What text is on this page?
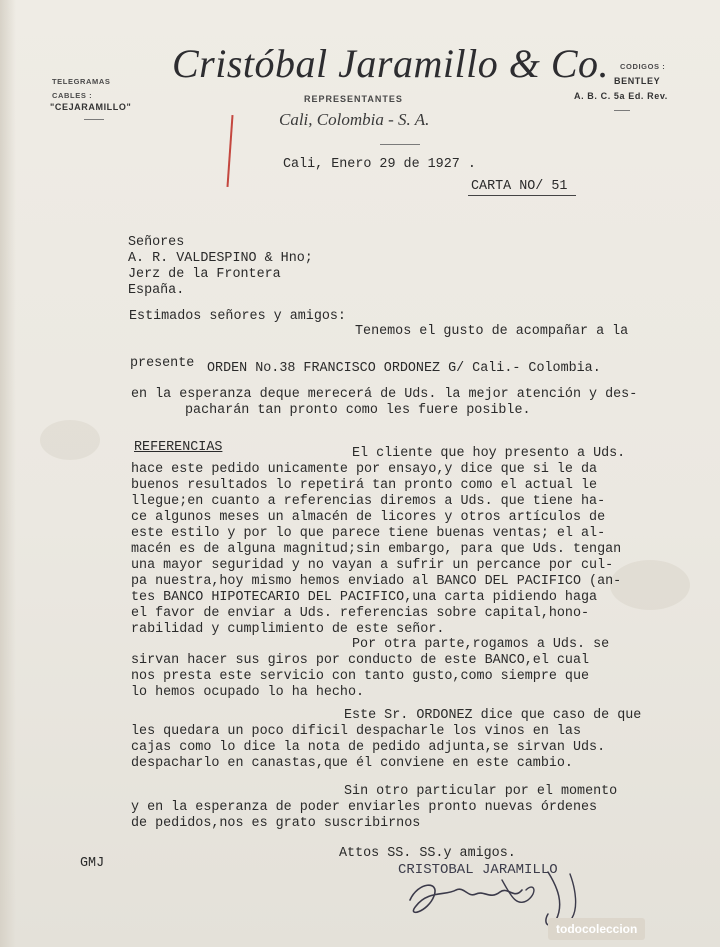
TELEGRAMAS
CABLES :
"CEJARAMILLO"
Cristóbal Jaramillo & Co.
REPRESENTANTES
Cali, Colombia - S. A.
CODIGOS :
BENTLEY
A. B. C. 5a Ed. Rev.
Cali, Enero 29 de 1927 .
CARTA NO/ 51
Señores
A. R. VALDESPINO & Hno;
Jerz de la Frontera
España.
Estimados señores y amigos:
Tenemos el gusto de acompañar a la
presente ORDEN No.38 FRANCISCO ORDONEZ G/ Cali.- Colombia.
en la esperanza deque merecerá de Uds. la mejor atención y des-
pacharán tan pronto como les fuere posible.
REFERENCIAS	El cliente que hoy presento a Uds.
hace este pedido unicamente por ensayo,y dice que si le da
buenos resultados lo repetirá tan pronto como el actual le
llegue;en cuanto a referencias diremos a Uds. que tiene ha-
ce algunos meses un almacén de licores y otros artículos de
este estilo y por lo que parece tiene buenas ventas; el al-
macén es de alguna magnitud;sin embargo, para que Uds. tengan
una mayor seguridad y no vayan a sufrir un percance por cul-
pa nuestra,hoy mismo hemos enviado al BANCO DEL PACIFICO (an-
tes BANCO HIPOTECARIO DEL PACIFICO,una carta pidiendo haga
el favor de enviar a Uds. referencias sobre capital,hono-
rabilidad y cumplimiento de este señor.
Por otra parte,rogamos a Uds. se
sirvan hacer sus giros por conducto de este BANCO,el cual
nos presta este servicio con tanto gusto,como siempre que
lo hemos ocupado lo ha hecho.
Este Sr. ORDONEZ dice que caso de que
les quedara un poco dificil despacharle los vinos en las
cajas como lo dice la nota de pedido adjunta,se sirvan Uds.
despacharlo en canastas,que él conviene en este cambio.
Sin otro particular por el momento
y en la esperanza de poder enviarles pronto nuevas órdenes
de pedidos,nos es grato suscribirnos
Attos SS. SS.y amigos.
GMJ	CRISTOBAL JARAMILLO
todocoleccion
